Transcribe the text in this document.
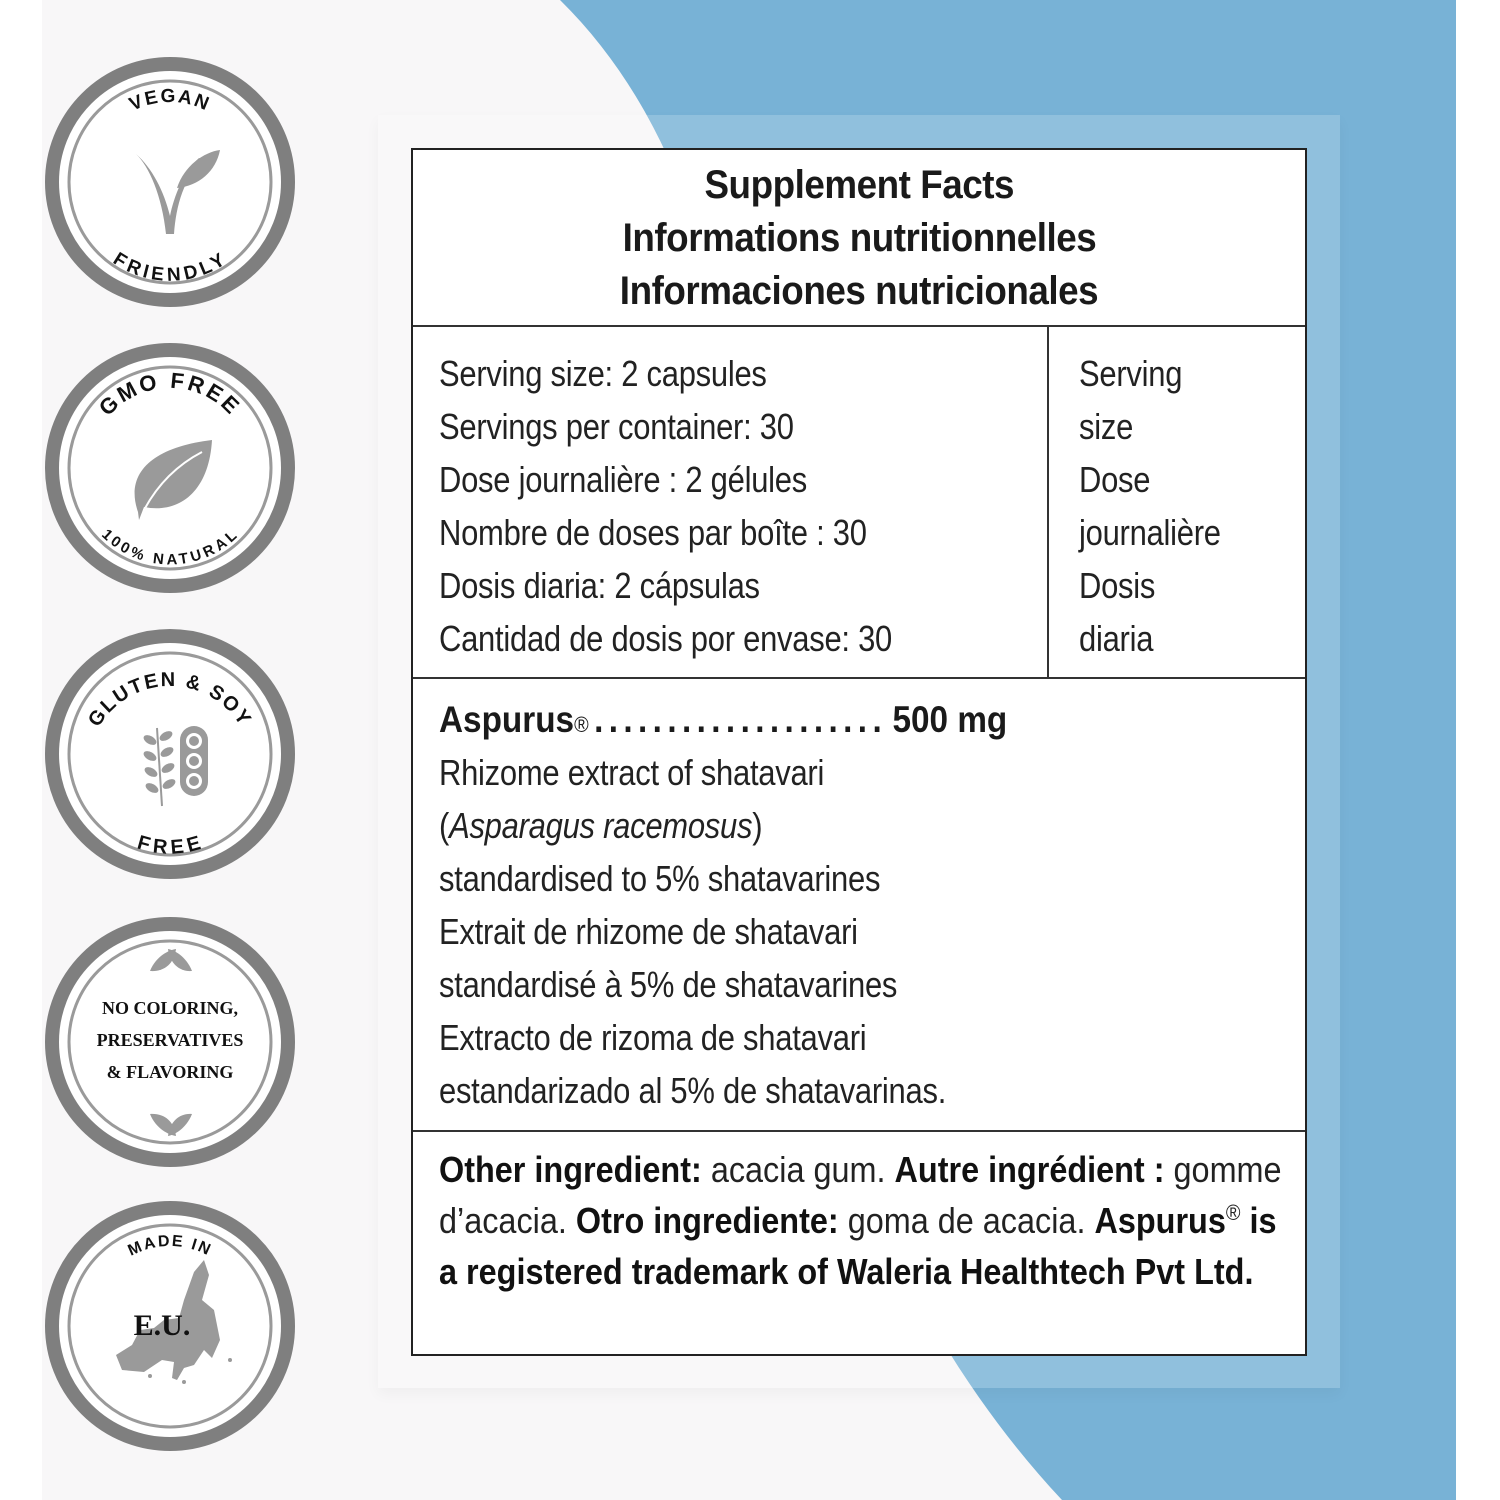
VEGAN
FRIENDLY
GMO FREE
100% NATURAL
GLUTEN & SOY
FREE
NO COLORING,
PRESERVATIVES
& FLAVORING
MADE IN
E.U.
Supplement Facts
Informations nutritionnelles
Informaciones nutricionales
Serving size: 2 capsules
Servings per container: 30
Dose journalière : 2 gélules
Nombre de doses par boîte : 30
Dosis diaria: 2 cápsulas
Cantidad de dosis por envase: 30
Serving
size
Dose
journalière
Dosis
diaria
Aspurus ® .................... 500 mg
Rhizome extract of shatavari
(Asparagus racemosus)
standardised to 5% shatavarines
Extrait de rhizome de shatavari
standardisé à 5% de shatavarines
Extracto de rizoma de shatavari
estandarizado al 5% de shatavarinas.
Other ingredient: acacia gum. Autre ingrédient : gomme d’acacia. Otro ingrediente: goma de acacia. Aspurus® is a registered trademark of Waleria Healthtech Pvt Ltd.
